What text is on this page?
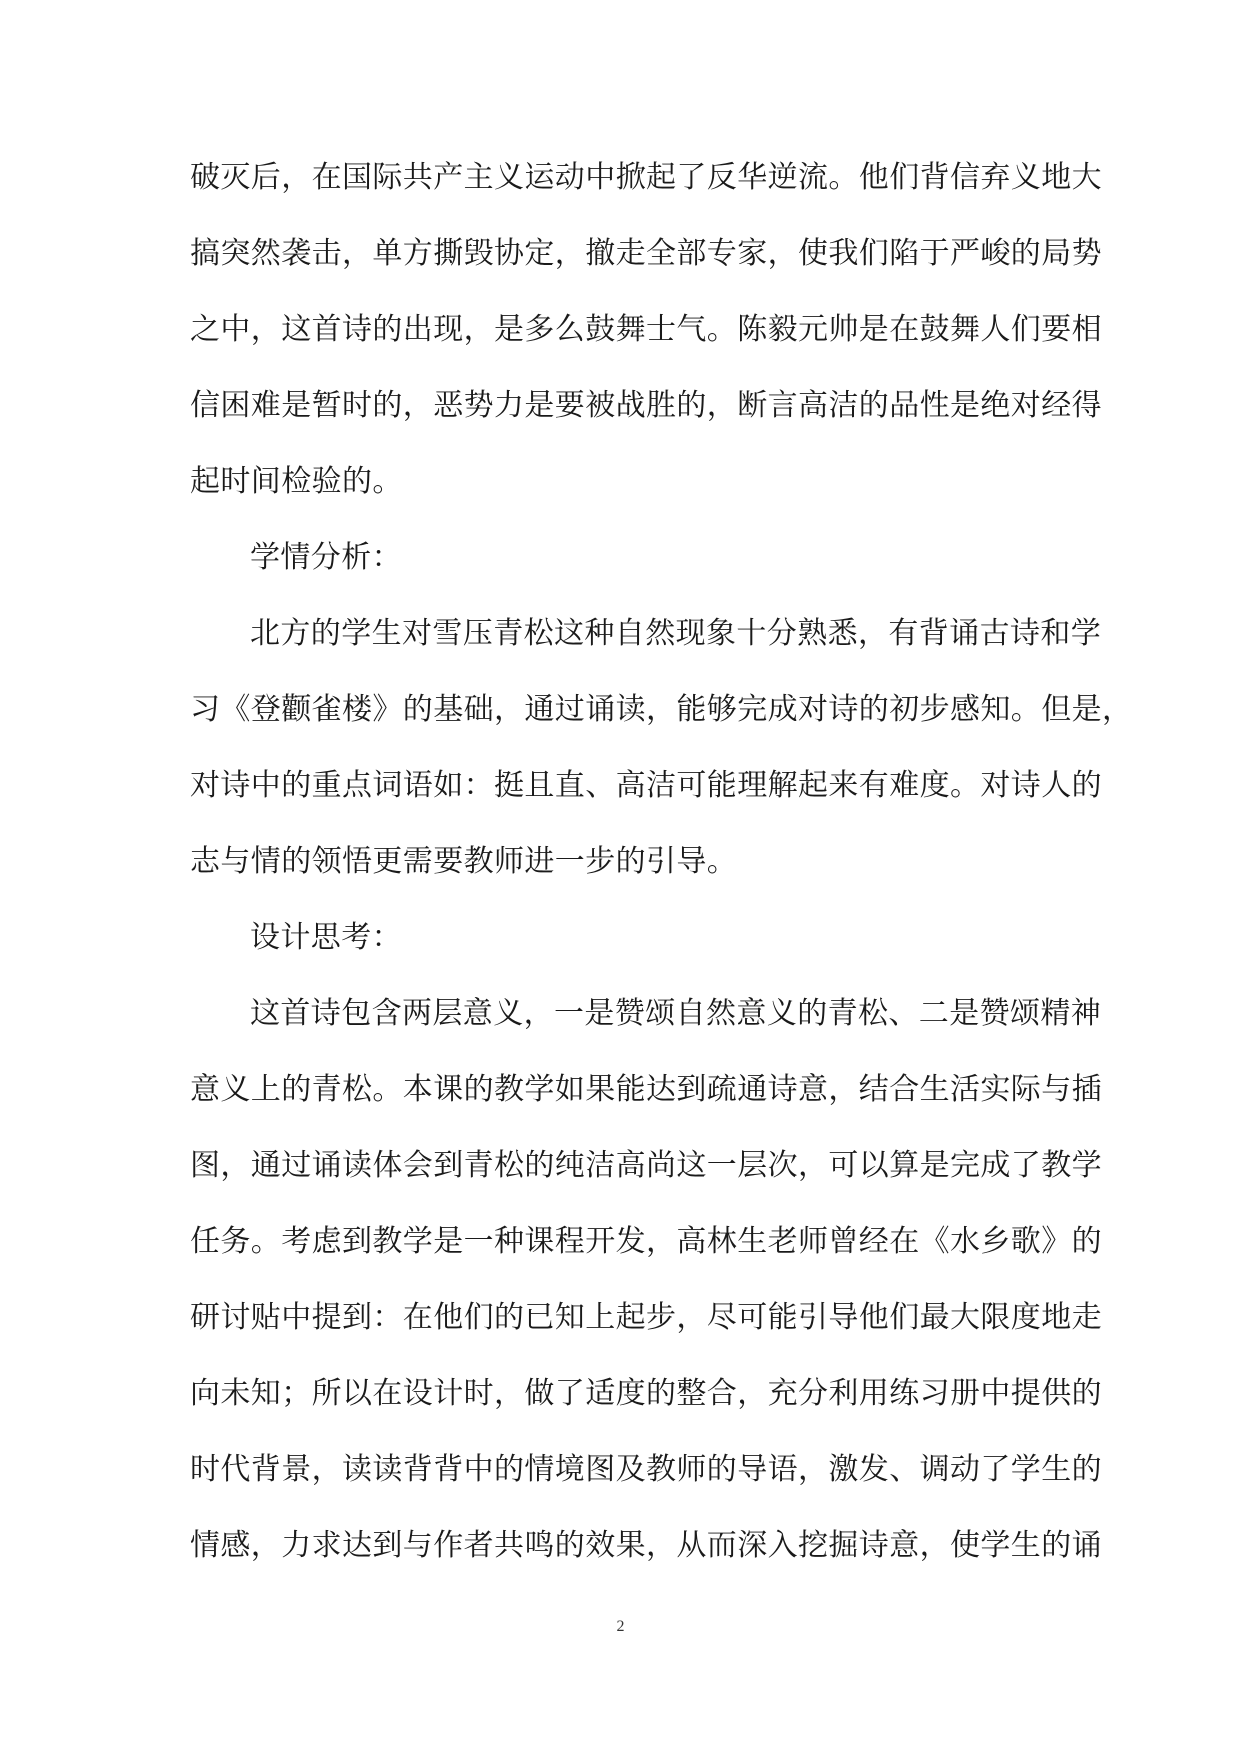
破灭后，在国际共产主义运动中掀起了反华逆流。他们背信弃义地大
搞突然袭击，单方撕毁协定，撤走全部专家，使我们陷于严峻的局势
之中，这首诗的出现，是多么鼓舞士气。陈毅元帅是在鼓舞人们要相
信困难是暂时的，恶势力是要被战胜的，断言高洁的品性是绝对经得
起时间检验的。
学情分析：
北方的学生对雪压青松这种自然现象十分熟悉，有背诵古诗和学
习《登颧雀楼》的基础，通过诵读，能够完成对诗的初步感知。但是，
对诗中的重点词语如：挺且直、高洁可能理解起来有难度。对诗人的
志与情的领悟更需要教师进一步的引导。
设计思考：
这首诗包含两层意义，一是赞颂自然意义的青松、二是赞颂精神
意义上的青松。本课的教学如果能达到疏通诗意，结合生活实际与插
图，通过诵读体会到青松的纯洁高尚这一层次，可以算是完成了教学
任务。考虑到教学是一种课程开发，高林生老师曾经在《水乡歌》的
研讨贴中提到：在他们的已知上起步，尽可能引导他们最大限度地走
向未知；所以在设计时，做了适度的整合，充分利用练习册中提供的
时代背景，读读背背中的情境图及教师的导语，激发、调动了学生的
情感，力求达到与作者共鸣的效果，从而深入挖掘诗意，使学生的诵
2
